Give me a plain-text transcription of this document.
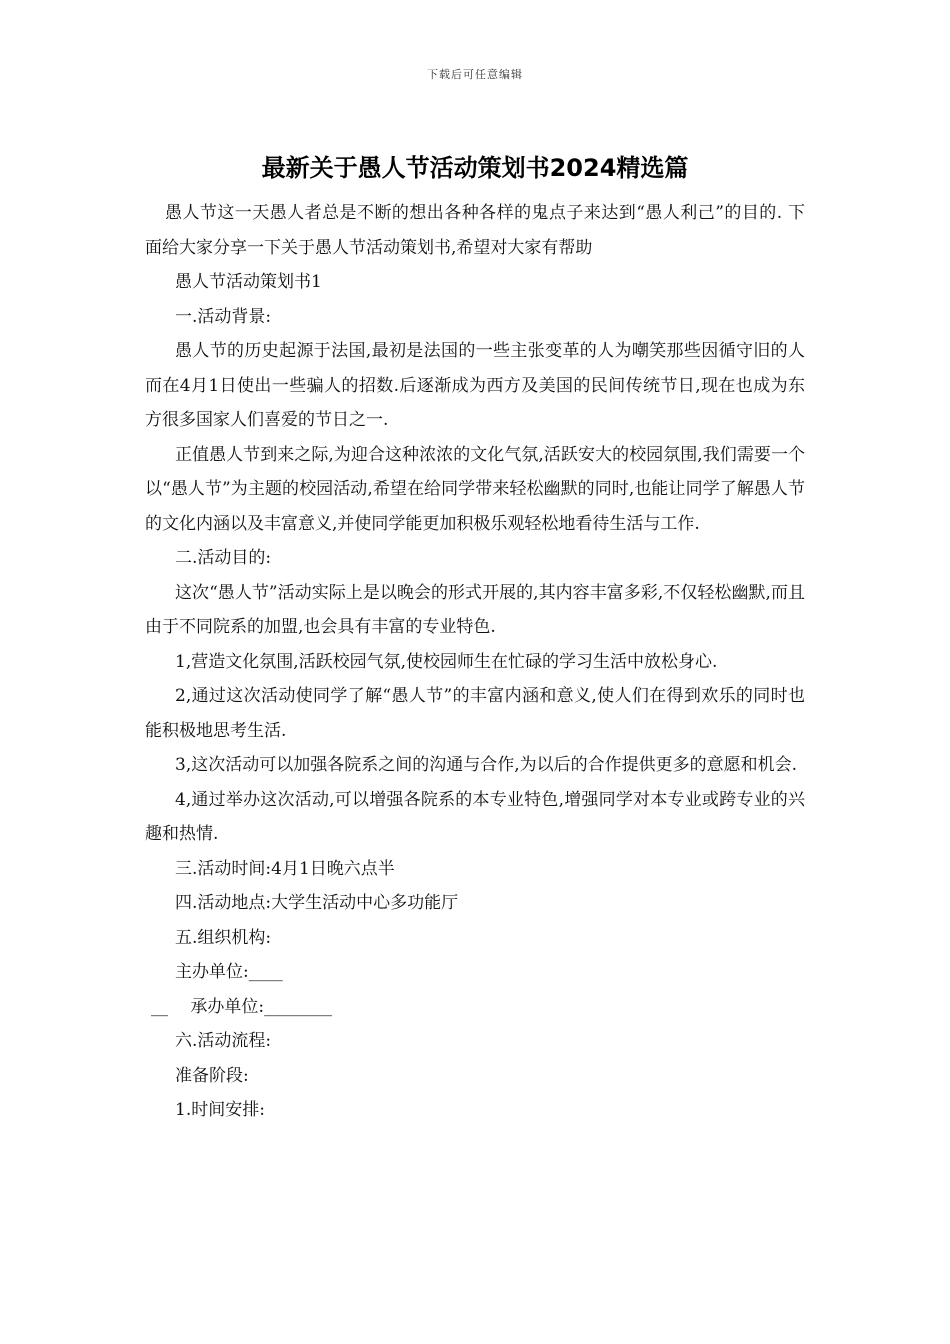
下载后可任意编辑
最新关于愚人节活动策划书2024精选篇

愚人节这一天愚人者总是不断的想出各种各样的鬼点子来达到“愚人利己”的目的. 下面给大家分享一下关于愚人节活动策划书,希望对大家有帮助

愚人节活动策划书1

一.活动背景:

愚人节的历史起源于法国,最初是法国的一些主张变革的人为嘲笑那些因循守旧的人而在4月1日使出一些骗人的招数.后逐渐成为西方及美国的民间传统节日,现在也成为东方很多国家人们喜爱的节日之一.

正值愚人节到来之际,为迎合这种浓浓的文化气氛,活跃安大的校园氛围,我们需要一个以“愚人节”为主题的校园活动,希望在给同学带来轻松幽默的同时,也能让同学了解愚人节的文化内涵以及丰富意义,并使同学能更加积极乐观轻松地看待生活与工作.

二.活动目的:

这次“愚人节”活动实际上是以晚会的形式开展的,其内容丰富多彩,不仅轻松幽默,而且由于不同院系的加盟,也会具有丰富的专业特色.

1,营造文化氛围,活跃校园气氛,使校园师生在忙碌的学习生活中放松身心.

2,通过这次活动使同学了解“愚人节”的丰富内涵和意义,使人们在得到欢乐的同时也能积极地思考生活.

3,这次活动可以加强各院系之间的沟通与合作,为以后的合作提供更多的意愿和机会.

4,通过举办这次活动,可以增强各院系的本专业特色,增强同学对本专业或跨专业的兴趣和热情.

三.活动时间:4月1日晚六点半

四.活动地点:大学生活动中心多功能厅

五.组织机构:

主办单位:____

__　 承办单位:________

六.活动流程:

准备阶段:

1.时间安排:
